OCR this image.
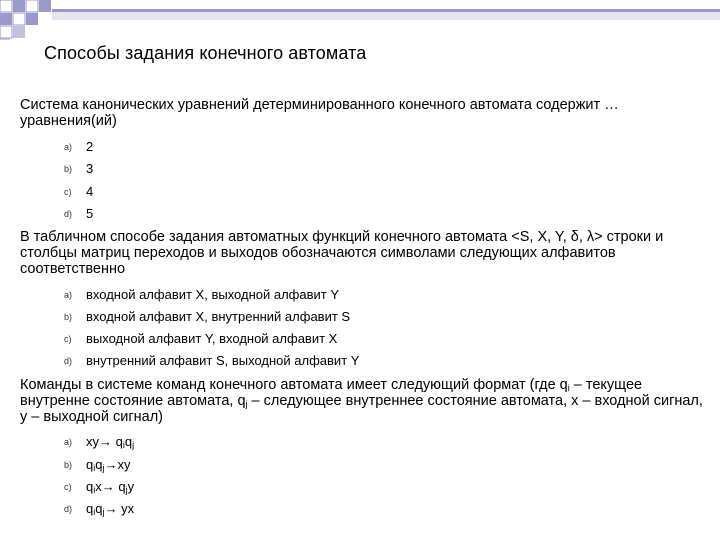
Способы задания конечного автомата
Система канонических уравнений детерминированного конечного автомата содержит … уравнения(ий)
a) 2
b) 3
c) 4
d) 5
В табличном способе задания автоматных функций конечного автомата <S, X, Y, δ, λ> строки и столбцы матриц переходов и выходов обозначаются символами следующих алфавитов соответственно
a) входной алфавит X, выходной алфавит Y
b) входной алфавит X, внутренний алфавит S
c) выходной алфавит Y, входной алфавит X
d) внутренний алфавит S, выходной алфавит Y
Команды в системе команд конечного автомата имеет следующий формат (где $q_i$ – текущее внутренне состояние автомата, $q_j$ – следующее внутреннее состояние автомата, x – входной сигнал, y – выходной сигнал)
a) $xy\to q_iq_j$
b) $q_iq_j\to xy$
c) $q_ix\to q_jy$
d) $q_iq_j\to$ yx
